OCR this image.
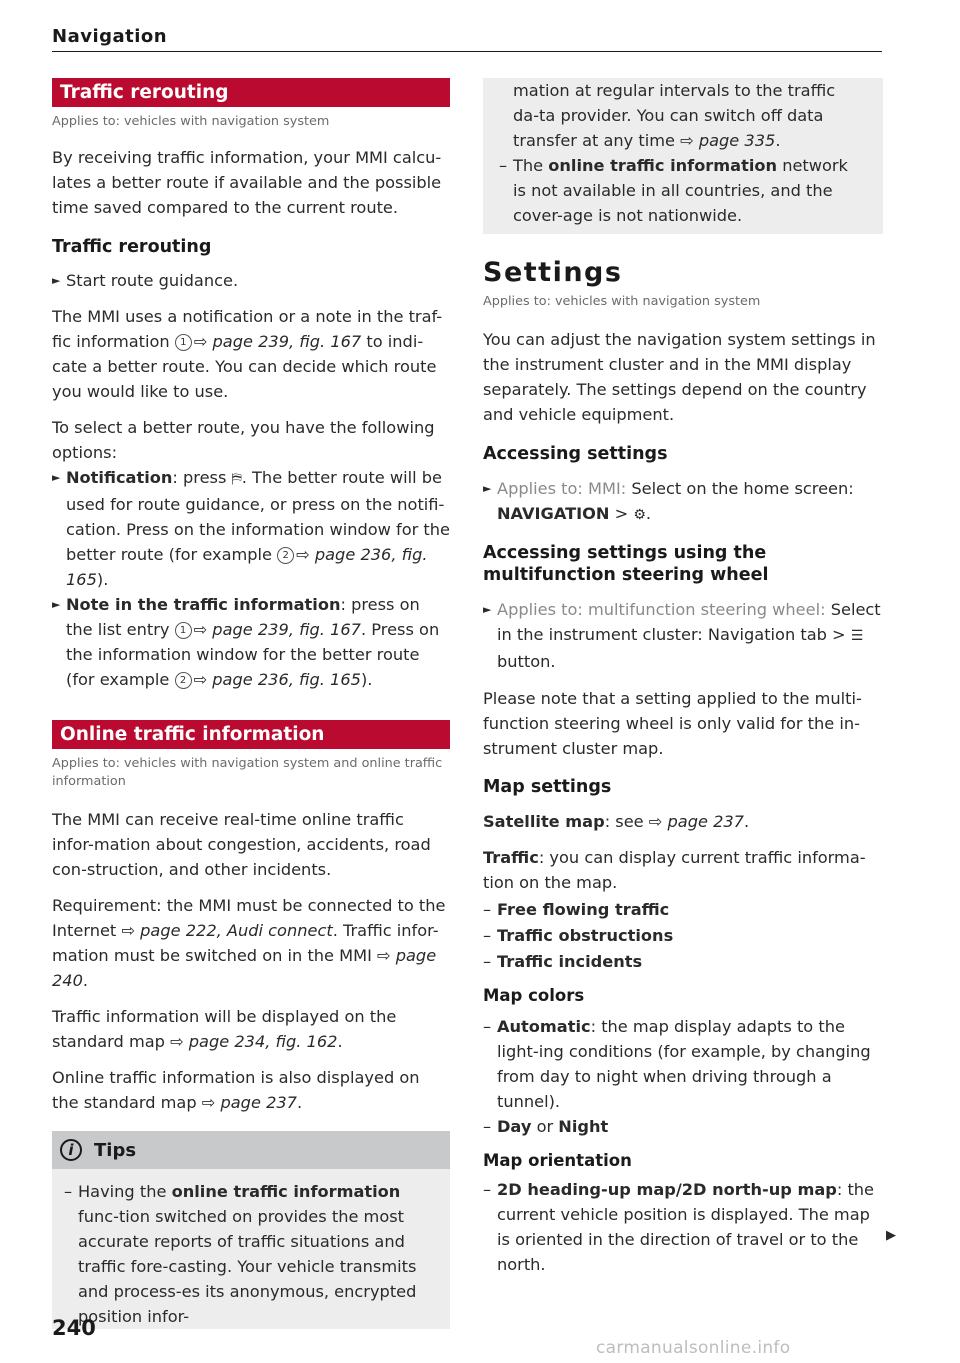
Navigation
Traffic rerouting
Applies to: vehicles with navigation system

By receiving traffic information, your MMI calcu-lates a better route if available and the possible time saved compared to the current route.

Traffic rerouting
► Start route guidance.

The MMI uses a notification or a note in the traf-fic information 1 ⇨ page 239, fig. 167 to indi-cate a better route. You can decide which route you would like to use.

To select a better route, you have the following options:

► Notification: press ⛿. The better route will be used for route guidance, or press on the notifi-cation. Press on the information window for the better route (for example 2 ⇨ page 236, fig. 165).
► Note in the traffic information: press on the list entry 1 ⇨ page 239, fig. 167. Press on the information window for the better route (for example 2 ⇨ page 236, fig. 165).
Online traffic information
Applies to: vehicles with navigation system and online traffic information

The MMI can receive real-time online traffic infor-mation about congestion, accidents, road con-struction, and other incidents.

Requirement: the MMI must be connected to the Internet ⇨ page 222, Audi connect. Traffic infor-mation must be switched on in the MMI ⇨ page 240.

Traffic information will be displayed on the standard map ⇨ page 234, fig. 162.

Online traffic information is also displayed on the standard map ⇨ page 237.

i	Tips
– Having the online traffic information func-tion switched on provides the most accurate reports of traffic situations and traffic fore-casting. Your vehicle transmits and process-es its anonymous, encrypted position infor-
mation at regular intervals to the traffic da-ta provider. You can switch off data transfer at any time ⇨ page 335.
– The online traffic information network is not available in all countries, and the cover-age is not nationwide.
Settings
Applies to: vehicles with navigation system

You can adjust the navigation system settings in the instrument cluster and in the MMI display separately. The settings depend on the country and vehicle equipment.

Accessing settings
► Applies to: MMI: Select on the home screen: NAVIGATION > ⚙.
Accessing settings using the multifunction steering wheel
► Applies to: multifunction steering wheel: Select in the instrument cluster: Navigation tab > ☰ button.

Please note that a setting applied to the multi-function steering wheel is only valid for the in-strument cluster map.

Map settings

Satellite map: see ⇨ page 237.

Traffic: you can display current traffic informa-tion on the map.

– Free flowing traffic
– Traffic obstructions
– Traffic incidents
Map colors
– Automatic: the map display adapts to the light-ing conditions (for example, by changing from day to night when driving through a tunnel).
– Day or Night
Map orientation
– 2D heading-up map/2D north-up map: the current vehicle position is displayed. The map is oriented in the direction of travel or to the north.
▶
240
carmanualsonline.info
